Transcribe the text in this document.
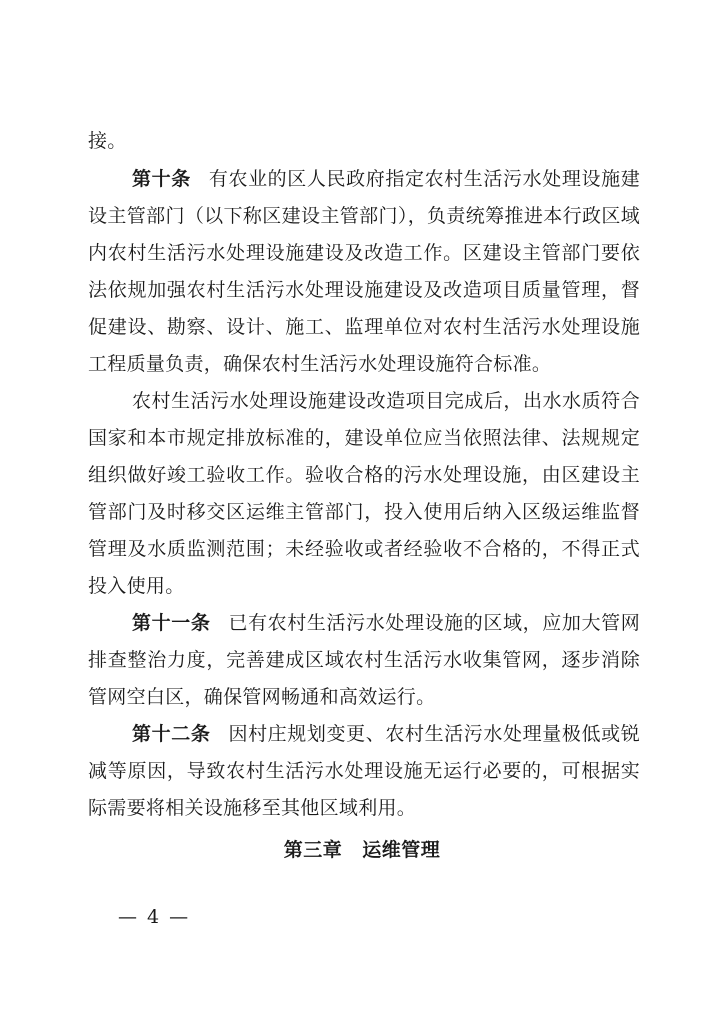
接。
第十条 有农业的区人民政府指定农村生活污水处理设施建
设主管部门（以下称区建设主管部门），负责统筹推进本行政区域
内农村生活污水处理设施建设及改造工作。区建设主管部门要依
法依规加强农村生活污水处理设施建设及改造项目质量管理，督
促建设、勘察、设计、施工、监理单位对农村生活污水处理设施
工程质量负责，确保农村生活污水处理设施符合标准。
农村生活污水处理设施建设改造项目完成后，出水水质符合
国家和本市规定排放标准的，建设单位应当依照法律、法规规定
组织做好竣工验收工作。验收合格的污水处理设施，由区建设主
管部门及时移交区运维主管部门，投入使用后纳入区级运维监督
管理及水质监测范围；未经验收或者经验收不合格的，不得正式
投入使用。
第十一条 已有农村生活污水处理设施的区域，应加大管网
排查整治力度，完善建成区域农村生活污水收集管网，逐步消除
管网空白区，确保管网畅通和高效运行。
第十二条 因村庄规划变更、农村生活污水处理量极低或锐
减等原因，导致农村生活污水处理设施无运行必要的，可根据实
际需要将相关设施移至其他区域利用。
第三章 运维管理
— 4 —
